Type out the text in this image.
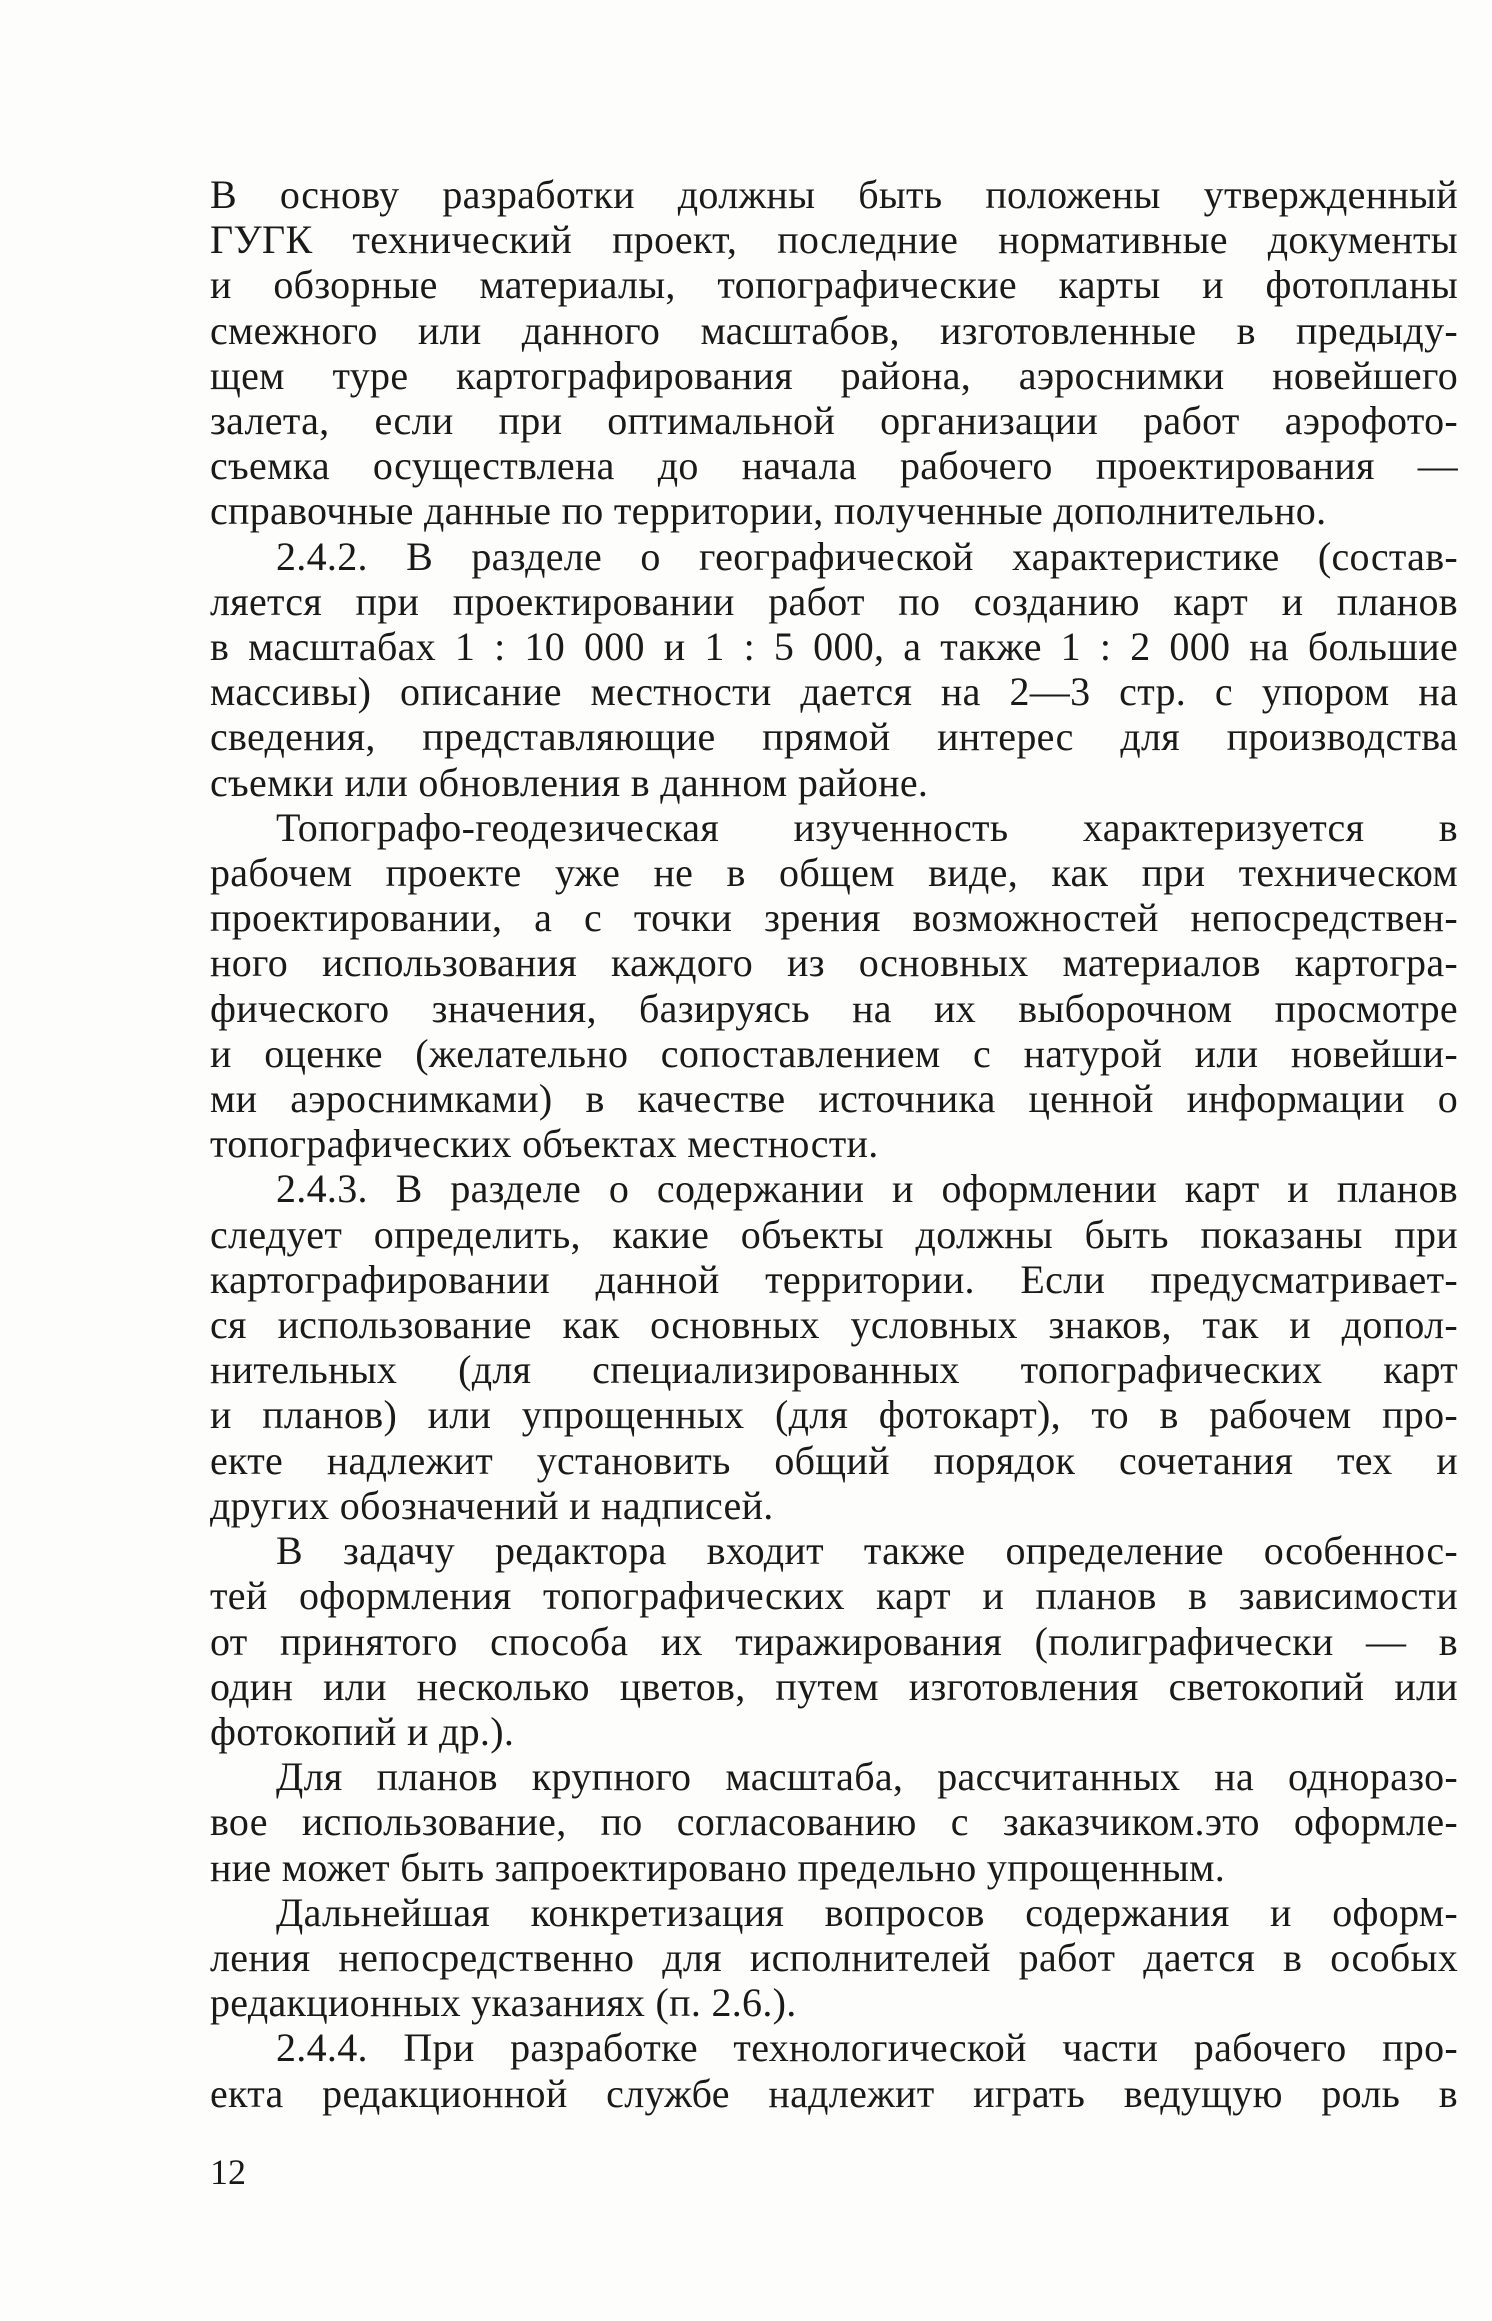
В основу разработки должны быть положены утвержденный
ГУГК технический проект, последние нормативные документы
и обзорные материалы, топографические карты и фотопланы
смежного или данного масштабов, изготовленные в предыду-
щем туре картографирования района, аэроснимки новейшего
залета, если при оптимальной организации работ аэрофото-
съемка осуществлена до начала рабочего проектирования —
справочные данные по территории, полученные дополнительно.
2.4.2. В разделе о географической характеристике (состав-
ляется при проектировании работ по созданию карт и планов
в масштабах 1 : 10 000 и 1 : 5 000, а также 1 : 2 000 на большие
массивы) описание местности дается на 2—3 стр. с упором на
сведения, представляющие прямой интерес для производства
съемки или обновления в данном районе.
Топографо-геодезическая изученность характеризуется в
рабочем проекте уже не в общем виде, как при техническом
проектировании, а с точки зрения возможностей непосредствен-
ного использования каждого из основных материалов картогра-
фического значения, базируясь на их выборочном просмотре
и оценке (желательно сопоставлением с натурой или новейши-
ми аэроснимками) в качестве источника ценной информации о
топографических объектах местности.
2.4.3. В разделе о содержании и оформлении карт и планов
следует определить, какие объекты должны быть показаны при
картографировании данной территории. Если предусматривает-
ся использование как основных условных знаков, так и допол-
нительных (для специализированных топографических карт
и планов) или упрощенных (для фотокарт), то в рабочем про-
екте надлежит установить общий порядок сочетания тех и
других обозначений и надписей.
В задачу редактора входит также определение особеннос-
тей оформления топографических карт и планов в зависимости
от принятого способа их тиражирования (полиграфически — в
один или несколько цветов, путем изготовления светокопий или
фотокопий и др.).
Для планов крупного масштаба, рассчитанных на одноразо-
вое использование, по согласованию с заказчиком.это оформле-
ние может быть запроектировано предельно упрощенным.
Дальнейшая конкретизация вопросов содержания и оформ-
ления непосредственно для исполнителей работ дается в особых
редакционных указаниях (п. 2.6.).
2.4.4. При разработке технологической части рабочего про-
екта редакционной службе надлежит играть ведущую роль в
12
